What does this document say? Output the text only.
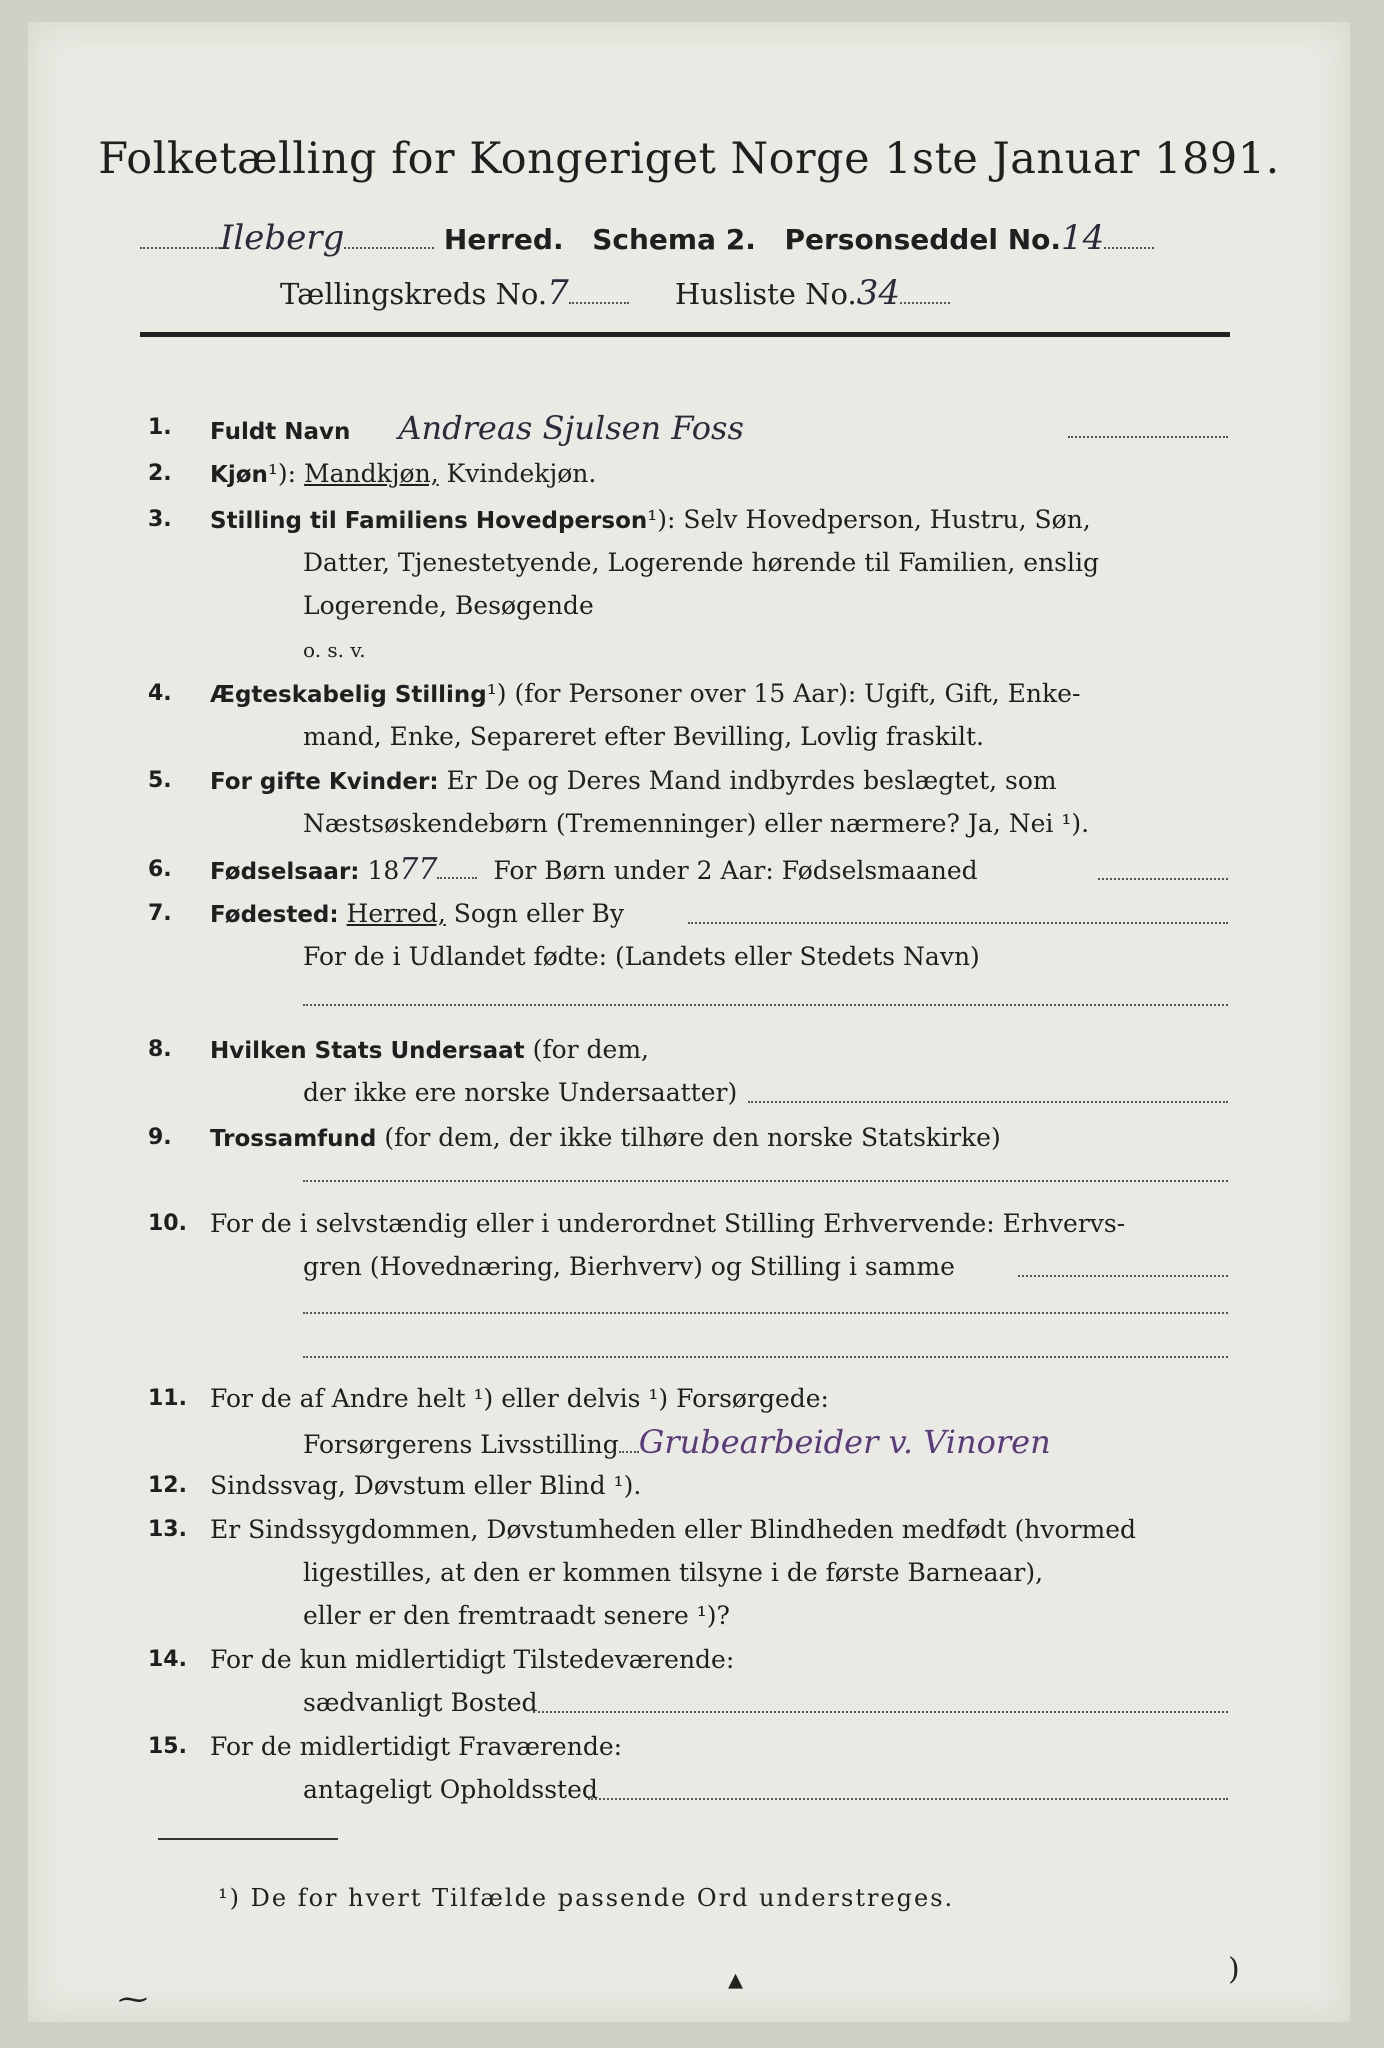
Folketælling for Kongeriget Norge 1ste Januar 1891.
Ileberg	Herred. Schema 2. Personseddel No.14
Tællingskreds No.7	Husliste No.34
1.	Fuldt Navn Andreas Sjulsen Foss
2.	Kjøn¹): Mandkjøn, Kvindekjøn.
3.	Stilling til Familiens Hovedperson¹): Selv Hovedperson, Hustru, Søn,
Datter, Tjenestetyende, Logerende hørende til Familien, enslig
Logerende, Besøgende
o. s. v.
4.	Ægteskabelig Stilling¹) (for Personer over 15 Aar): Ugift, Gift, Enke-
mand, Enke, Separeret efter Bevilling, Lovlig fraskilt.
5.	For gifte Kvinder: Er De og Deres Mand indbyrdes beslægtet, som
Næstsøskendebørn (Tremenninger) eller nærmere? Ja, Nei ¹).
6.	Fødselsaar: 1877 For Børn under 2 Aar: Fødselsmaaned
7.	Fødested: Herred, Sogn eller By
For de i Udlandet fødte: (Landets eller Stedets Navn)
8.	Hvilken Stats Undersaat (for dem,
der ikke ere norske Undersaatter)
9.	Trossamfund (for dem, der ikke tilhøre den norske Statskirke)
10. For de i selvstændig eller i underordnet Stilling Erhvervende: Erhvervs-
gren (Hovednæring, Bierhverv) og Stilling i samme
11. For de af Andre helt ¹) eller delvis ¹) Forsørgede:
Forsørgerens Livsstilling Grubearbeider v. Vinoren
12. Sindssvag, Døvstum eller Blind ¹).
13. Er Sindssygdommen, Døvstumheden eller Blindheden medfødt (hvormed
ligestilles, at den er kommen tilsyne i de første Barneaar),
eller er den fremtraadt senere ¹)?
14. For de kun midlertidigt Tilstedeværende:
sædvanligt Bosted
15. For de midlertidigt Fraværende:
antageligt Opholdssted
¹) De for hvert Tilfælde passende Ord understreges.
⁓
▴	)
